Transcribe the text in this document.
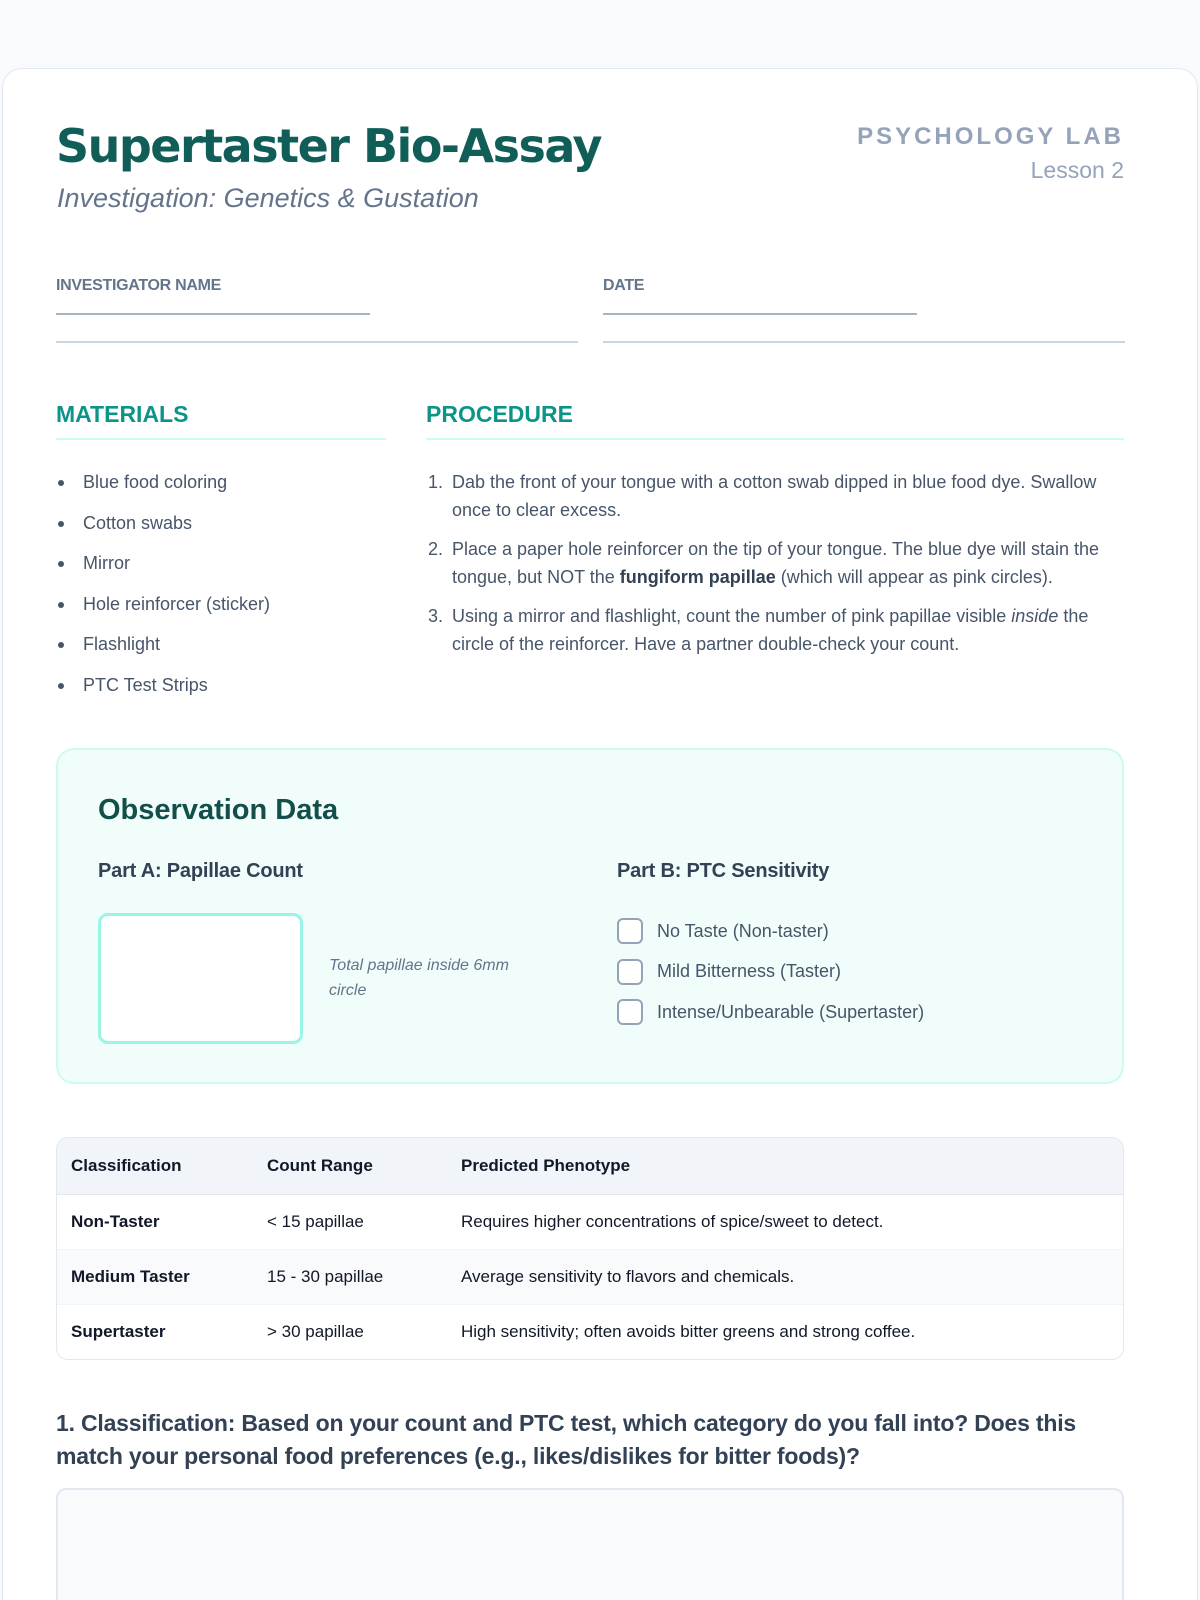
Supertaster Bio-Assay
Investigation: Genetics & Gustation
PSYCHOLOGY LAB
Lesson 2
INVESTIGATOR NAME	DATE
MATERIALS	PROCEDURE
Blue food coloring
Cotton swabs
Mirror
Hole reinforcer (sticker)
Flashlight
PTC Test Strips
1. Dab the front of your tongue with a cotton swab dipped in blue food dye. Swallow once to clear excess.
2. Place a paper hole reinforcer on the tip of your tongue. The blue dye will stain the tongue, but NOT the fungiform papillae (which will appear as pink circles).
3. Using a mirror and flashlight, count the number of pink papillae visible inside the circle of the reinforcer. Have a partner double-check your count.
Observation Data
Part A: Papillae Count
Total papillae inside 6mm circle
Part B: PTC Sensitivity
No Taste (Non-taster)
Mild Bitterness (Taster)
Intense/Unbearable (Supertaster)
Classification	Count Range	Predicted Phenotype
Non-Taster	< 15 papillae	Requires higher concentrations of spice/sweet to detect.
Medium Taster	15 - 30 papillae	Average sensitivity to flavors and chemicals.
Supertaster	> 30 papillae	High sensitivity; often avoids bitter greens and strong coffee.
1. Classification: Based on your count and PTC test, which category do you fall into? Does this match your personal food preferences (e.g., likes/dislikes for bitter foods)?
